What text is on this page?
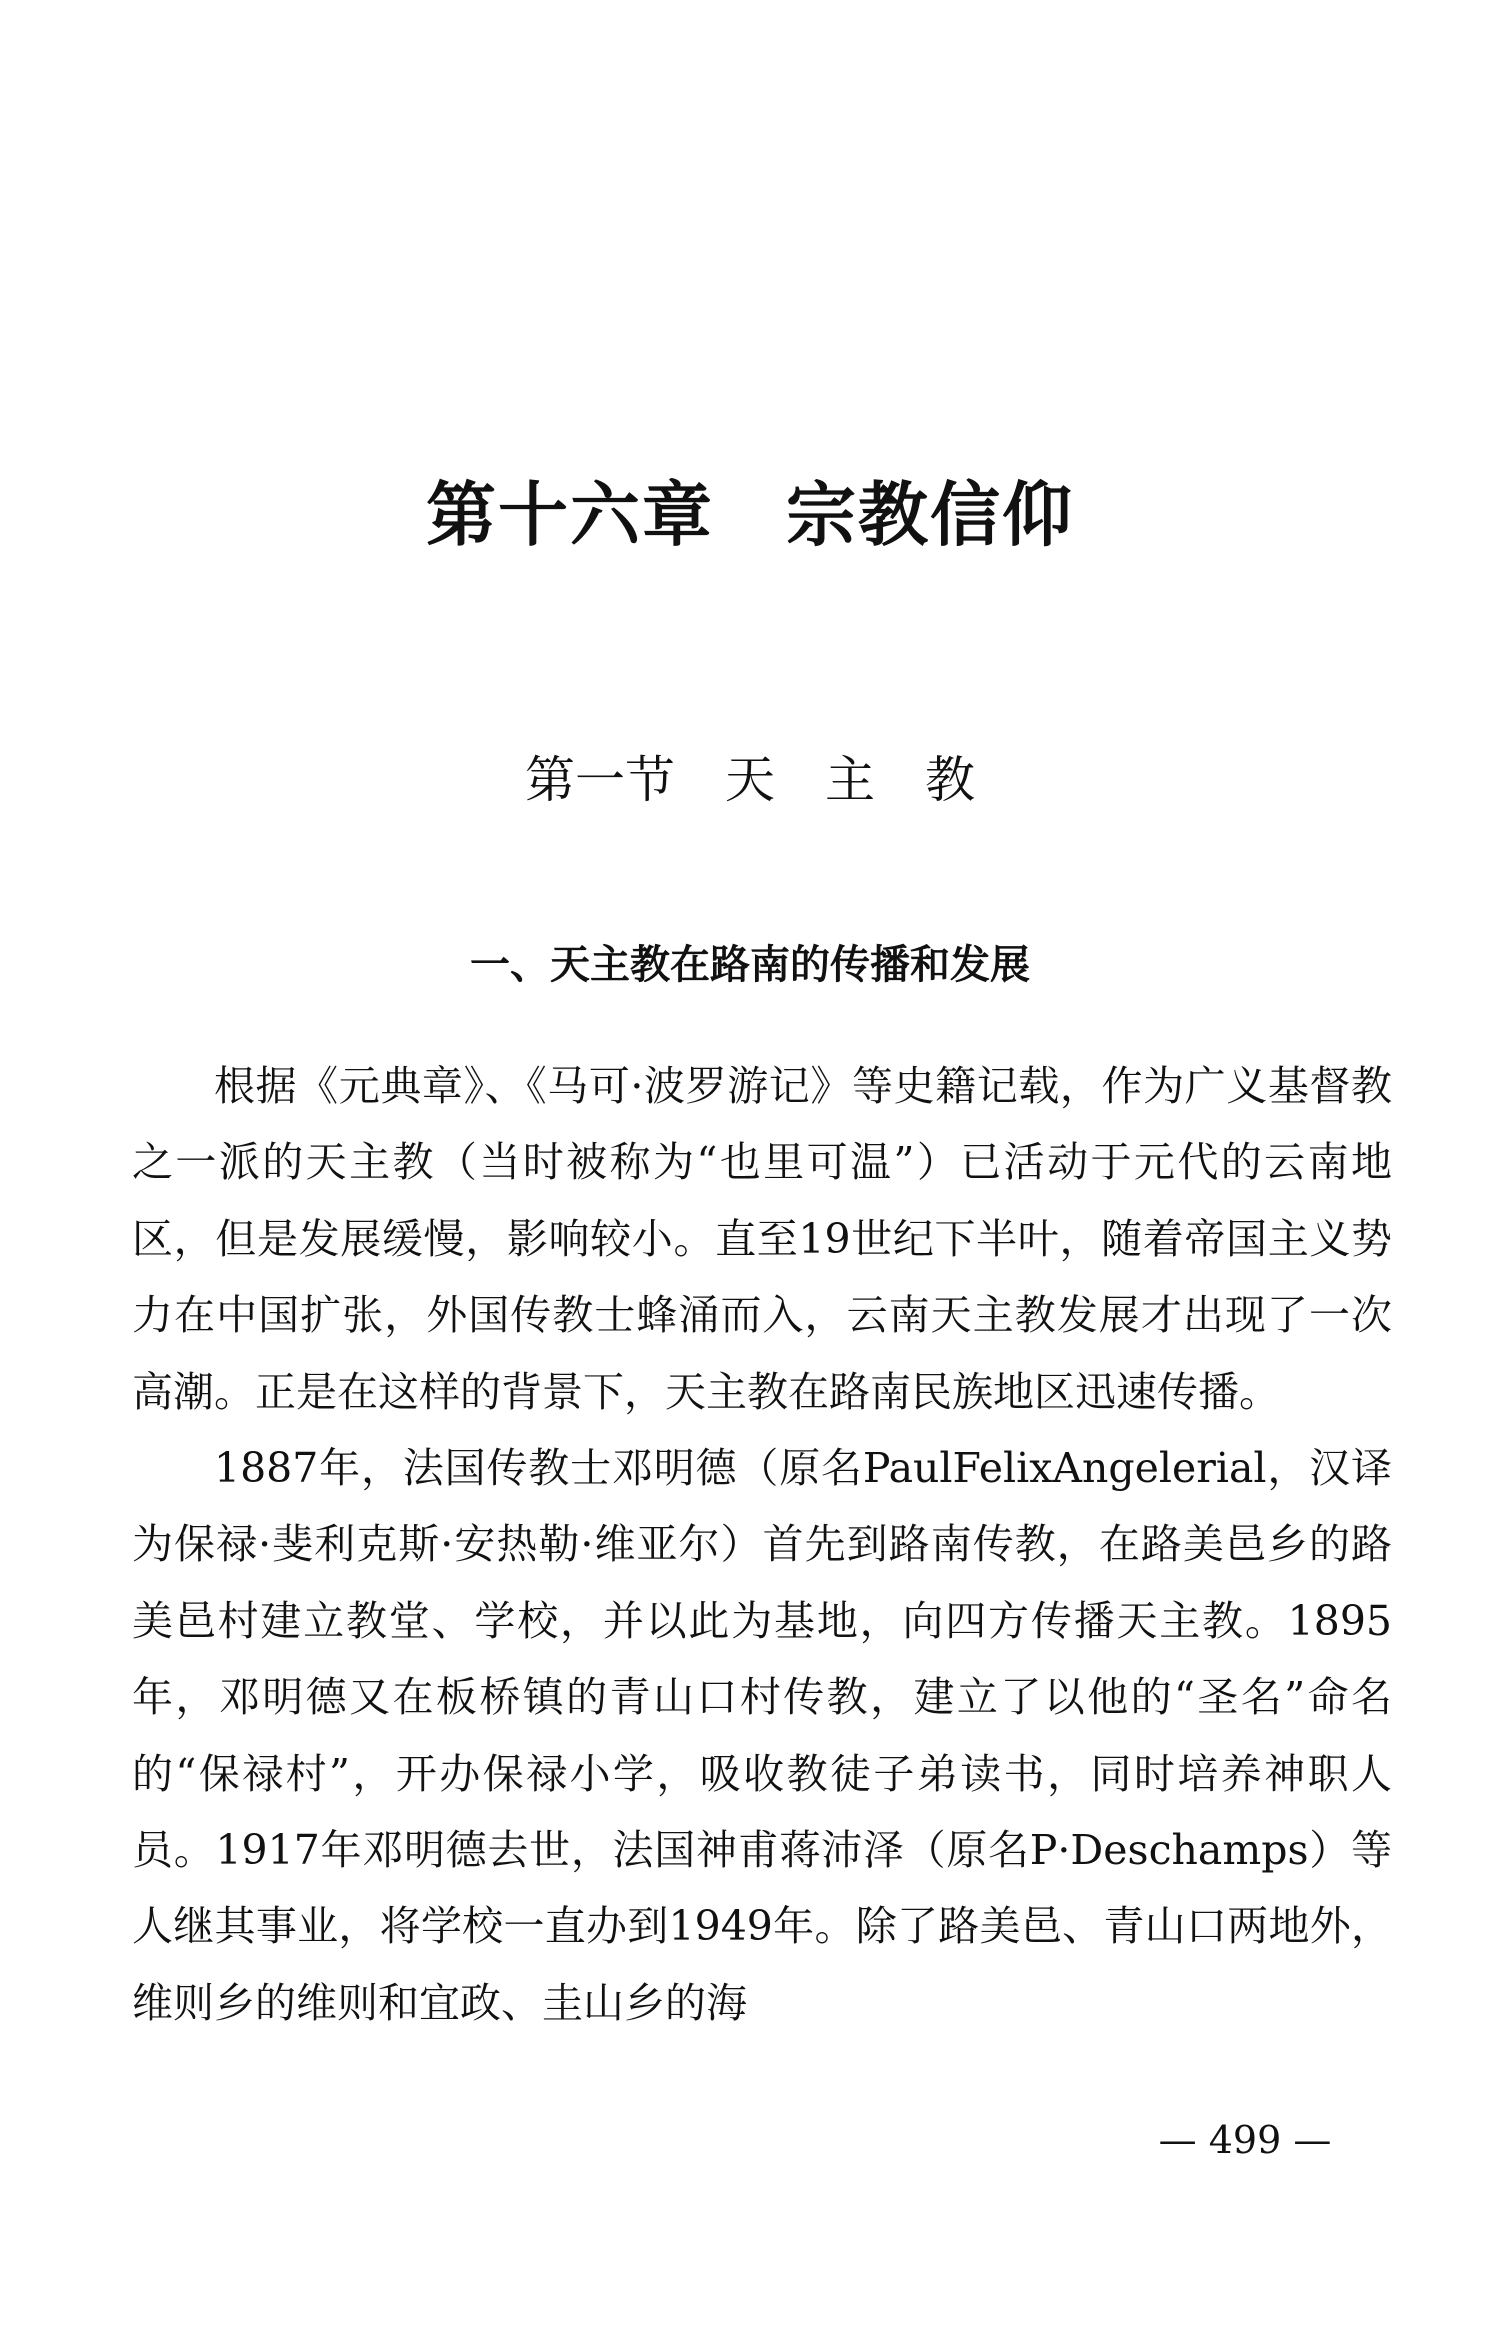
第十六章　宗教信仰
第一节　天　主　教
一、天主教在路南的传播和发展

根据《元典章》、《马可·波罗游记》等史籍记载，作为广义基督教之一派的天主教（当时被称为“也里可温”）已活动于元代的云南地区，但是发展缓慢，影响较小。直至19世纪下半叶，随着帝国主义势力在中国扩张，外国传教士蜂涌而入，云南天主教发展才出现了一次高潮。正是在这样的背景下，天主教在路南民族地区迅速传播。

1887年，法国传教士邓明德（原名PaulFelixAngelerial，汉译为保禄·斐利克斯·安热勒·维亚尔）首先到路南传教，在路美邑乡的路美邑村建立教堂、学校，并以此为基地，向四方传播天主教。1895年，邓明德又在板桥镇的青山口村传教，建立了以他的“圣名”命名的“保禄村”，开办保禄小学，吸收教徒子弟读书，同时培养神职人员。1917年邓明德去世，法国神甫蒋沛泽（原名P·Deschamps）等人继其事业，将学校一直办到1949年。除了路美邑、青山口两地外，维则乡的维则和宜政、圭山乡的海

— 499 —
